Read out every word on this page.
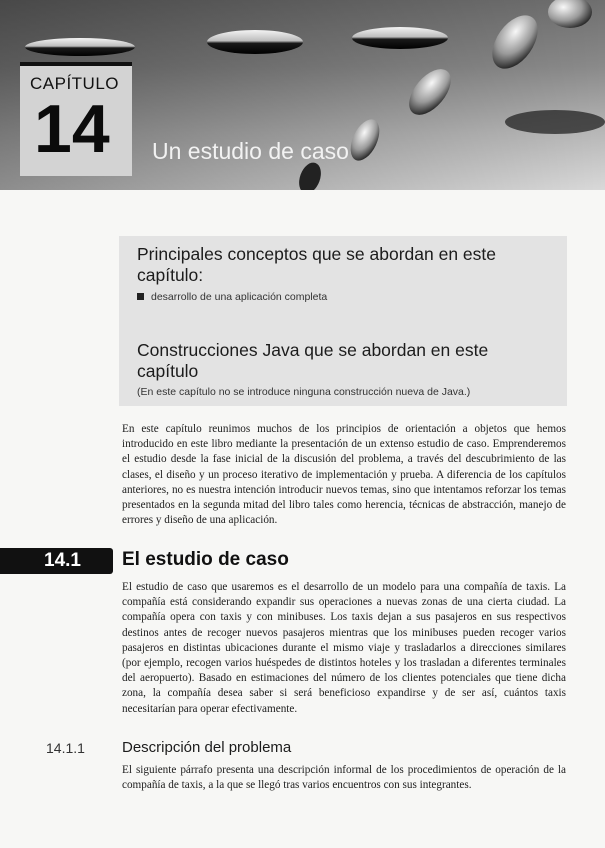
CAPÍTULO
14 Un estudio de caso
Principales conceptos que se abordan en este capítulo:
desarrollo de una aplicación completa
Construcciones Java que se abordan en este capítulo
(En este capítulo no se introduce ninguna construcción nueva de Java.)

En este capítulo reunimos muchos de los principios de orientación a objetos que hemos introducido en este libro mediante la presentación de un extenso estudio de caso. Emprenderemos el estudio desde la fase inicial de la discusión del problema, a través del descubrimiento de las clases, el diseño y un proceso iterativo de implementación y prueba. A diferencia de los capítulos anteriores, no es nuestra intención introducir nuevos temas, sino que intentamos reforzar los temas presentados en la segunda mitad del libro tales como herencia, técnicas de abstracción, manejo de errores y diseño de una aplicación.

14.1 El estudio de caso

El estudio de caso que usaremos es el desarrollo de un modelo para una compañía de taxis. La compañía está considerando expandir sus operaciones a nuevas zonas de una cierta ciudad. La compañía opera con taxis y con minibuses. Los taxis dejan a sus pasajeros en sus respectivos destinos antes de recoger nuevos pasajeros mientras que los minibuses pueden recoger varios pasajeros en distintas ubicaciones durante el mismo viaje y trasladarlos a direcciones similares (por ejemplo, recogen varios huéspedes de distintos hoteles y los trasladan a diferentes terminales del aeropuerto). Basado en estimaciones del número de los clientes potenciales que tiene dicha zona, la compañía desea saber si será beneficioso expandirse y de ser así, cuántos taxis necesitarían para operar efectivamente.

14.1.1 Descripción del problema

El siguiente párrafo presenta una descripción informal de los procedimientos de operación de la compañía de taxis, a la que se llegó tras varios encuentros con sus integrantes.
